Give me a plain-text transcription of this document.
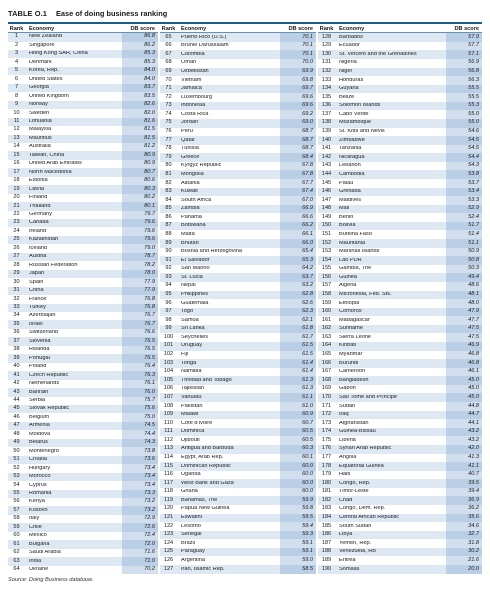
TABLE O.1 Ease of doing business ranking
Rank	Economy	DB score
1	New Zealand	86.8
2	Singapore	86.2
3	Hong Kong SAR, China	85.3
4	Denmark	85.3
5	Korea, Rep.	84.0
6	United States	84.0
7	Georgia	83.7
8	United Kingdom	83.5
9	Norway	82.6
10	Sweden	82.0
11	Lithuania	81.6
12	Malaysia	81.5
13	Mauritius	81.5
14	Australia	81.2
15	Taiwan, China	80.9
16	United Arab Emirates	80.9
17	North Macedonia	80.7
18	Estonia	80.6
19	Latvia	80.3
20	Finland	80.2
21	Thailand	80.1
22	Germany	79.7
23	Canada	79.6
24	Ireland	79.6
25	Kazakhstan	79.6
26	Iceland	79.0
27	Austria	78.7
28	Russian Federation	78.2
29	Japan	78.0
30	Spain	77.9
31	China	77.9
32	France	76.8
33	Turkey	76.8
34	Azerbaijan	76.7
35	Israel	76.7
36	Switzerland	76.6
37	Slovenia	76.5
38	Rwanda	76.5
39	Portugal	76.5
40	Poland	76.4
41	Czech Republic	76.3
42	Netherlands	76.1
43	Bahrain	76.0
44	Serbia	75.7
45	Slovak Republic	75.6
46	Belgium	75.0
47	Armenia	74.5
48	Moldova	74.4
49	Belarus	74.3
50	Montenegro	73.8
51	Croatia	73.6
52	Hungary	73.4
53	Morocco	73.4
54	Cyprus	73.4
55	Romania	73.3
56	Kenya	73.2
57	Kosovo	73.2
58	Italy	72.9
59	Chile	72.6
60	Mexico	72.4
61	Bulgaria	72.0
62	Saudi Arabia	71.6
63	India	71.0
64	Ukraine	70.2
Rank	Economy	DB score
65	Puerto Rico (U.S.)	70.1
66	Brunei Darussalam	70.1
67	Colombia	70.1
68	Oman	70.0
69	Uzbekistan	69.9
70	Vietnam	69.8
71	Jamaica	69.7
72	Luxembourg	69.6
73	Indonesia	69.6
74	Costa Rica	69.2
75	Jordan	69.0
76	Peru	68.7
77	Qatar	68.7
78	Tunisia	68.7
79	Greece	68.4
80	Kyrgyz Republic	67.8
81	Mongolia	67.8
82	Albania	67.7
83	Kuwait	67.4
84	South Africa	67.0
85	Zambia	66.9
86	Panama	66.6
87	Botswana	66.2
88	Malta	66.1
89	Bhutan	66.0
90	Bosnia and Herzegovina	65.4
91	El Salvador	65.3
92	San Marino	64.2
93	St. Lucia	63.7
94	Nepal	63.2
95	Philippines	62.8
96	Guatemala	62.6
97	Togo	62.3
98	Samoa	62.1
99	Sri Lanka	61.8
100	Seychelles	61.7
101	Uruguay	61.5
102	Fiji	61.5
103	Tonga	61.4
104	Namibia	61.4
105	Trinidad and Tobago	61.3
106	Tajikistan	61.3
107	Vanuatu	61.1
108	Pakistan	61.0
109	Malawi	60.9
110	Côte d'Ivoire	60.7
111	Dominica	60.5
112	Djibouti	60.5
113	Antigua and Barbuda	60.3
114	Egypt, Arab Rep.	60.1
115	Dominican Republic	60.0
116	Uganda	60.0
117	West Bank and Gaza	60.0
118	Ghana	60.0
119	Bahamas, The	59.9
120	Papua New Guinea	59.8
121	Eswatini	59.5
122	Lesotho	59.4
123	Senegal	59.3
124	Brazil	59.1
125	Paraguay	59.1
126	Argentina	59.0
127	Iran, Islamic Rep.	58.5
Rank	Economy	DB score
128	Barbados	57.9
129	Ecuador	57.7
130	St. Vincent and the Grenadines	57.1
131	Nigeria	56.9
132	Niger	56.8
133	Honduras	56.3
134	Guyana	55.5
135	Belize	55.5
136	Solomon Islands	55.3
137	Cabo Verde	55.0
138	Mozambique	55.0
139	St. Kitts and Nevis	54.6
140	Zimbabwe	54.5
141	Tanzania	54.5
142	Nicaragua	54.4
143	Lebanon	54.3
144	Cambodia	53.8
145	Palau	53.7
146	Grenada	53.4
147	Maldives	53.3
148	Mali	52.9
149	Benin	52.4
150	Bolivia	51.7
151	Burkina Faso	51.4
152	Mauritania	51.1
153	Marshall Islands	50.9
154	Lao PDR	50.8
155	Gambia, The	50.3
156	Guinea	49.4
157	Algeria	48.6
158	Micronesia, Fed. Sts.	48.1
159	Ethiopia	48.0
160	Comoros	47.9
161	Madagascar	47.7
162	Suriname	47.5
163	Sierra Leone	47.5
164	Kiribati	46.9
165	Myanmar	46.8
166	Burundi	46.8
167	Cameroon	46.1
168	Bangladesh	45.0
169	Gabon	45.0
170	São Tomé and Príncipe	45.0
171	Sudan	44.8
172	Iraq	44.7
173	Afghanistan	44.1
174	Guinea-Bissau	43.2
175	Liberia	43.2
176	Syrian Arab Republic	42.0
177	Angola	41.3
178	Equatorial Guinea	41.1
179	Haiti	40.7
180	Congo, Rep.	39.5
181	Timor-Leste	39.4
182	Chad	36.9
183	Congo, Dem. Rep.	36.2
184	Central African Republic	35.6
185	South Sudan	34.6
186	Libya	32.7
187	Yemen, Rep.	31.8
188	Venezuela, RB	30.2
189	Eritrea	21.6
190	Somalia	20.0
Source: Doing Business database.
